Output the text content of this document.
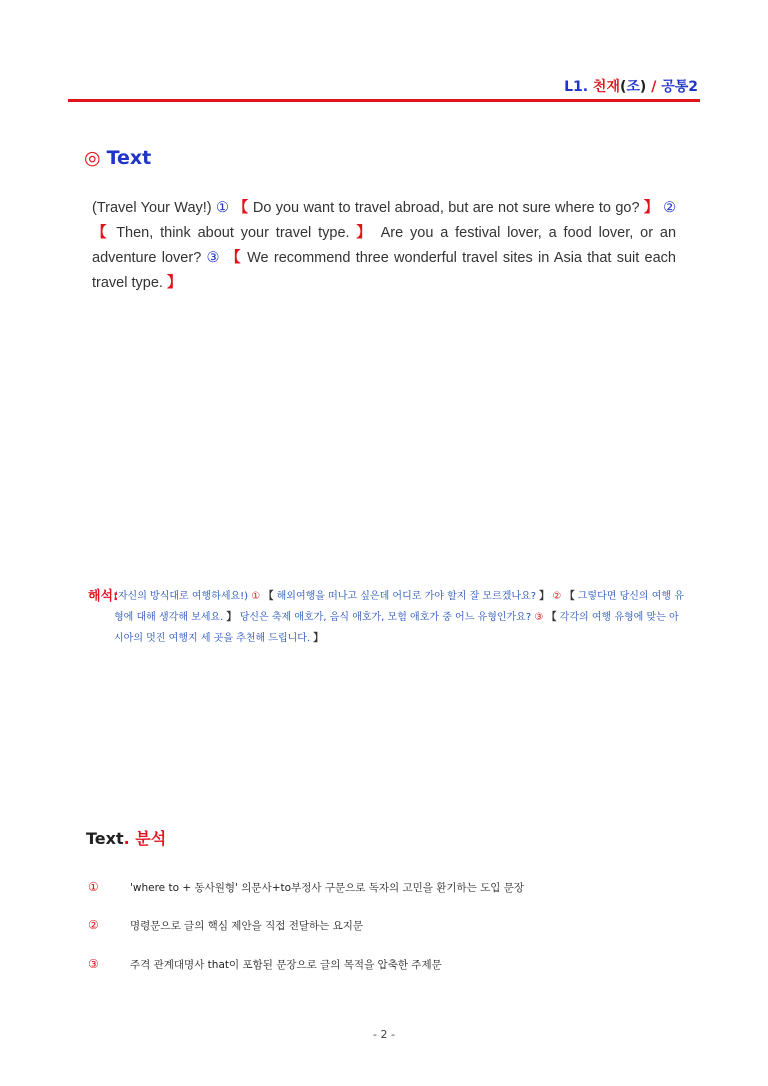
L1. 천재(조) / 공통2
◎ Text
(Travel Your Way!) ① 【 Do you want to travel abroad, but are not sure where to go? 】 ② 【 Then, think about your travel type. 】 Are you a festival lover, a food lover, or an adventure lover? ③ 【 We recommend three wonderful travel sites in Asia that suit each travel type. 】
해석:
(자신의 방식대로 여행하세요!) ① 【 해외여행을 떠나고 싶은데 어디로 가야 할지 잘 모르겠나요? 】 ② 【 그렇다면 당신의 여행 유형에 대해 생각해 보세요. 】 당신은 축제 애호가, 음식 애호가, 모험 애호가 중 어느 유형인가요? ③ 【 각각의 여행 유형에 맞는 아시아의 멋진 여행지 세 곳을 추천해 드립니다. 】
Text. 분석
①	'where to + 동사원형' 의문사+to부정사 구문으로 독자의 고민을 환기하는 도입 문장
②	명령문으로 글의 핵심 제안을 직접 전달하는 요지문
③	주격 관계대명사 that이 포함된 문장으로 글의 목적을 압축한 주제문
- 2 -
